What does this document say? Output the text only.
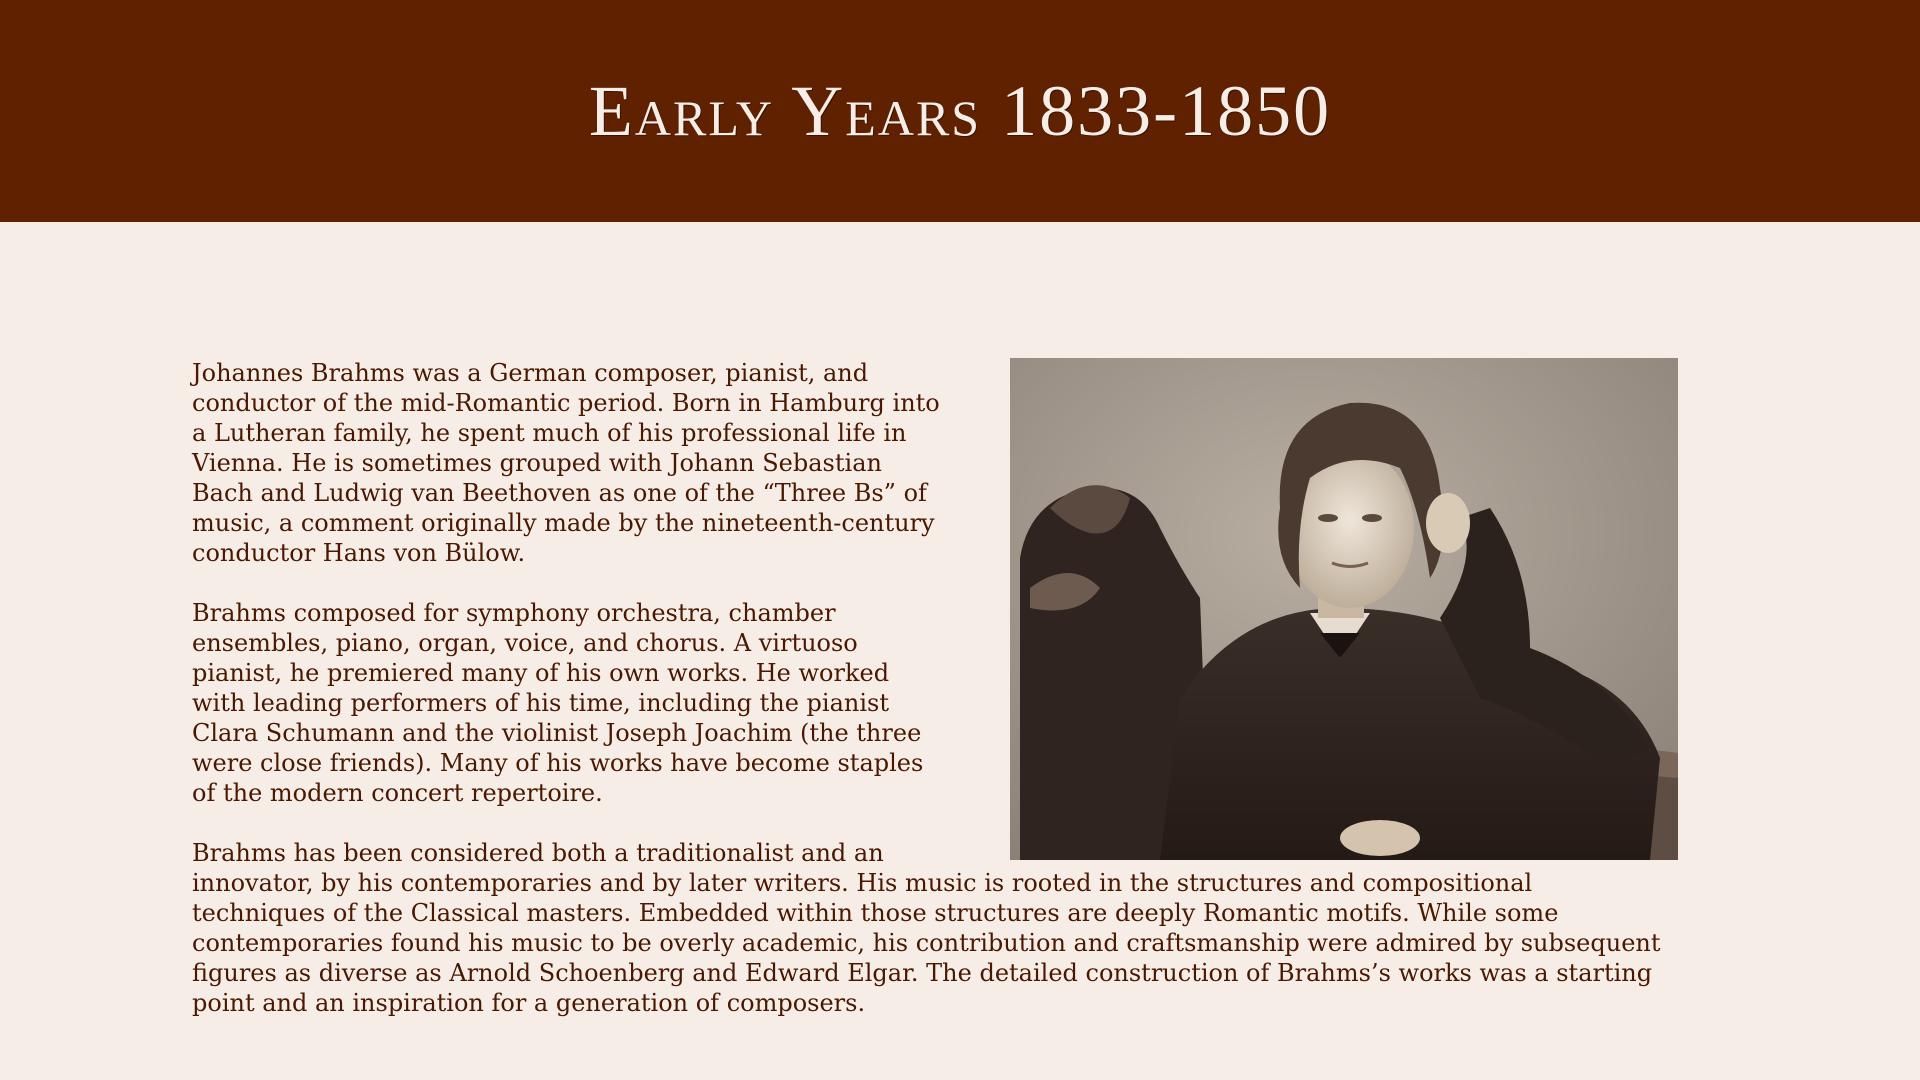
Early Years 1833-1850

Johannes Brahms was a German composer, pianist, and conductor of the mid-Romantic period. Born in Hamburg into a Lutheran family, he spent much of his professional life in Vienna. He is sometimes grouped with Johann Sebastian Bach and Ludwig van Beethoven as one of the “Three Bs” of music, a comment originally made by the nineteenth-century conductor Hans von Bülow.

Brahms composed for symphony orchestra, chamber ensembles, piano, organ, voice, and chorus. A virtuoso pianist, he premiered many of his own works. He worked with leading performers of his time, including the pianist Clara Schumann and the violinist Joseph Joachim (the three were close friends). Many of his works have become staples of the modern concert repertoire.

Brahms has been considered both a traditionalist and an innovator, by his contemporaries and by later writers. His music is rooted in the structures and compositional techniques of the Classical masters. Embedded within those structures are deeply Romantic motifs. While some contemporaries found his music to be overly academic, his contribution and craftsmanship were admired by subsequent figures as diverse as Arnold Schoenberg and Edward Elgar. The detailed construction of Brahms’s works was a starting point and an inspiration for a generation of composers.
